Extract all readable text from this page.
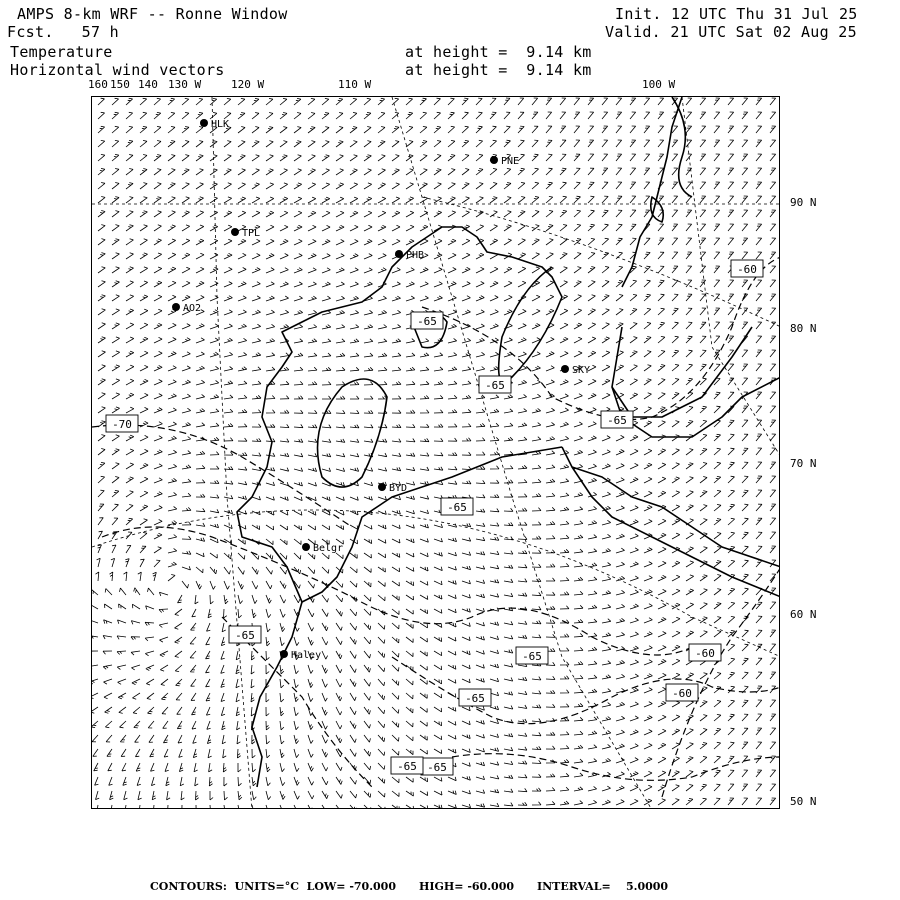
AMPS 8-km WRF -- Ronne Window
Fcst.   57 h
Init. 12 UTC Thu 31 Jul 25
Valid. 21 UTC Sat 02 Aug 25
Temperature
Horizontal wind vectors
at height =  9.14 km
at height =  9.14 km
160 150 140 130 W	120 W	110 W	100 W
90 N
80 N
70 N
60 N
50 N
HLK
PNE
TPL
PHB
AO2
SKY
BYD
Belgr
Haley
-60
-65
-65
-70	-65
-65
-65
-65	-60
-65	-60
-65
-65
CONTOURS:  UNITS=°C  LOW= -70.000      HIGH= -60.000      INTERVAL=    5.0000
